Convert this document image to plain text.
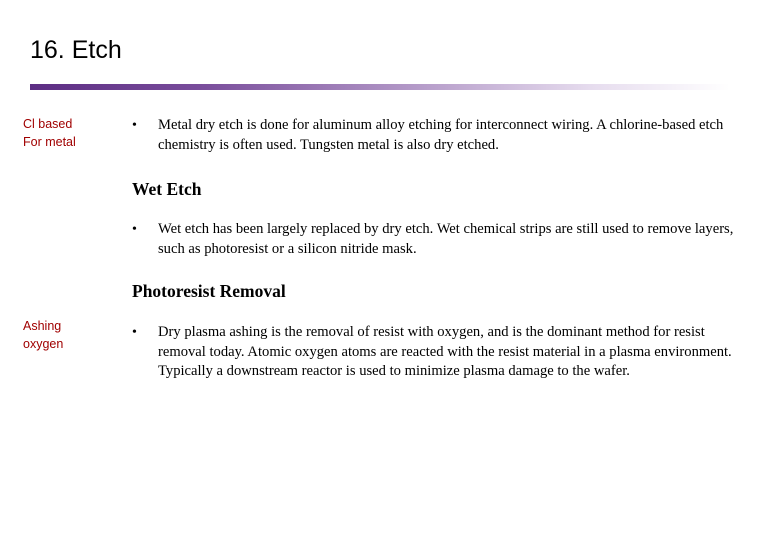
16. Etch
Cl based
For metal
Ashing
oxygen

• Metal dry etch is done for aluminum alloy etching for interconnect wiring. A chlorine-based etch chemistry is often used. Tungsten metal is also dry etched.

Wet Etch

• Wet etch has been largely replaced by dry etch. Wet chemical strips are still used to remove layers, such as photoresist or a silicon nitride mask.

Photoresist Removal

• Dry plasma ashing is the removal of resist with oxygen, and is the dominant method for resist removal today. Atomic oxygen atoms are reacted with the resist material in a plasma environment. Typically a downstream reactor is used to minimize plasma damage to the wafer.
